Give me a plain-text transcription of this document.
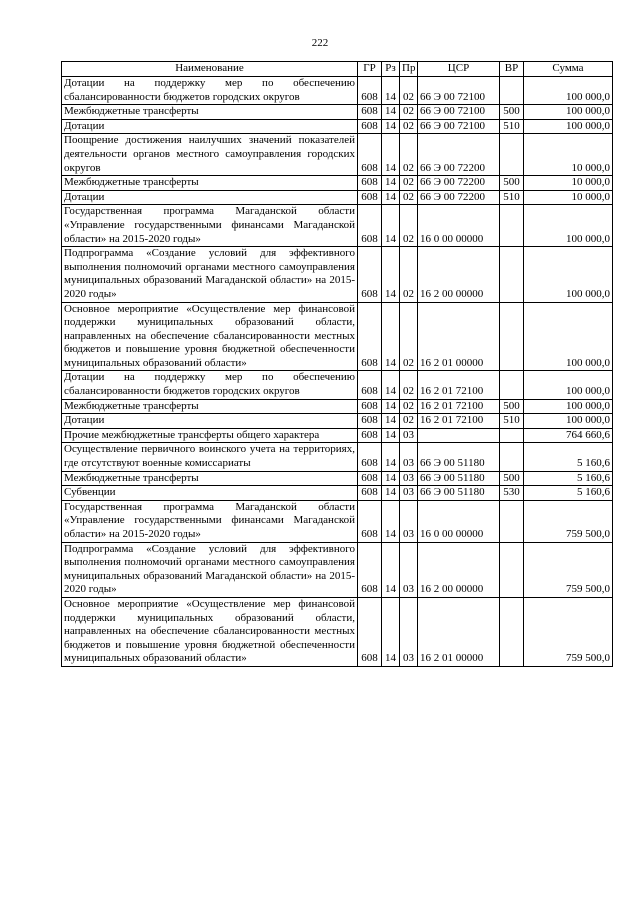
222
Наименование	ГР	Рз	Пр	ЦСР	ВР	Сумма
Дотации на поддержку мер по обеспечению сбалансированности бюджетов городских округов	608	14	02	66 Э 00 72100		100 000,0
Межбюджетные трансферты	608	14	02	66 Э 00 72100	500	100 000,0
Дотации	608	14	02	66 Э 00 72100	510	100 000,0
Поощрение достижения наилучших значений показателей деятельности органов местного самоуправления городских округов	608	14	02	66 Э 00 72200		10 000,0
Межбюджетные трансферты	608	14	02	66 Э 00 72200	500	10 000,0
Дотации	608	14	02	66 Э 00 72200	510	10 000,0
Государственная программа Магаданской области «Управление государственными финансами Магаданской области» на 2015-2020 годы»	608	14	02	16 0 00 00000		100 000,0
Подпрограмма «Создание условий для эффективного выполнения полномочий органами местного самоуправления муниципальных образований Магаданской области» на 2015-2020 годы»	608	14	02	16 2 00 00000		100 000,0
Основное мероприятие «Осуществление мер финансовой поддержки муниципальных образований области, направленных на обеспечение сбалансированности местных бюджетов и повышение уровня бюджетной обеспеченности муниципальных образований области»	608	14	02	16 2 01 00000		100 000,0
Дотации на поддержку мер по обеспечению сбалансированности бюджетов городских округов	608	14	02	16 2 01 72100		100 000,0
Межбюджетные трансферты	608	14	02	16 2 01 72100	500	100 000,0
Дотации	608	14	02	16 2 01 72100	510	100 000,0
Прочие межбюджетные трансферты общего характера	608	14	03			764 660,6
Осуществление первичного воинского учета на территориях, где отсутствуют военные комиссариаты	608	14	03	66 Э 00 51180		5 160,6
Межбюджетные трансферты	608	14	03	66 Э 00 51180	500	5 160,6
Субвенции	608	14	03	66 Э 00 51180	530	5 160,6
Государственная программа Магаданской области «Управление государственными финансами Магаданской области» на 2015-2020 годы»	608	14	03	16 0 00 00000		759 500,0
Подпрограмма «Создание условий для эффективного выполнения полномочий органами местного самоуправления муниципальных образований Магаданской области» на 2015-2020 годы»	608	14	03	16 2 00 00000		759 500,0
Основное мероприятие «Осуществление мер финансовой поддержки муниципальных образований области, направленных на обеспечение сбалансированности местных бюджетов и повышение уровня бюджетной обеспеченности муниципальных образований области»	608	14	03	16 2 01 00000		759 500,0
